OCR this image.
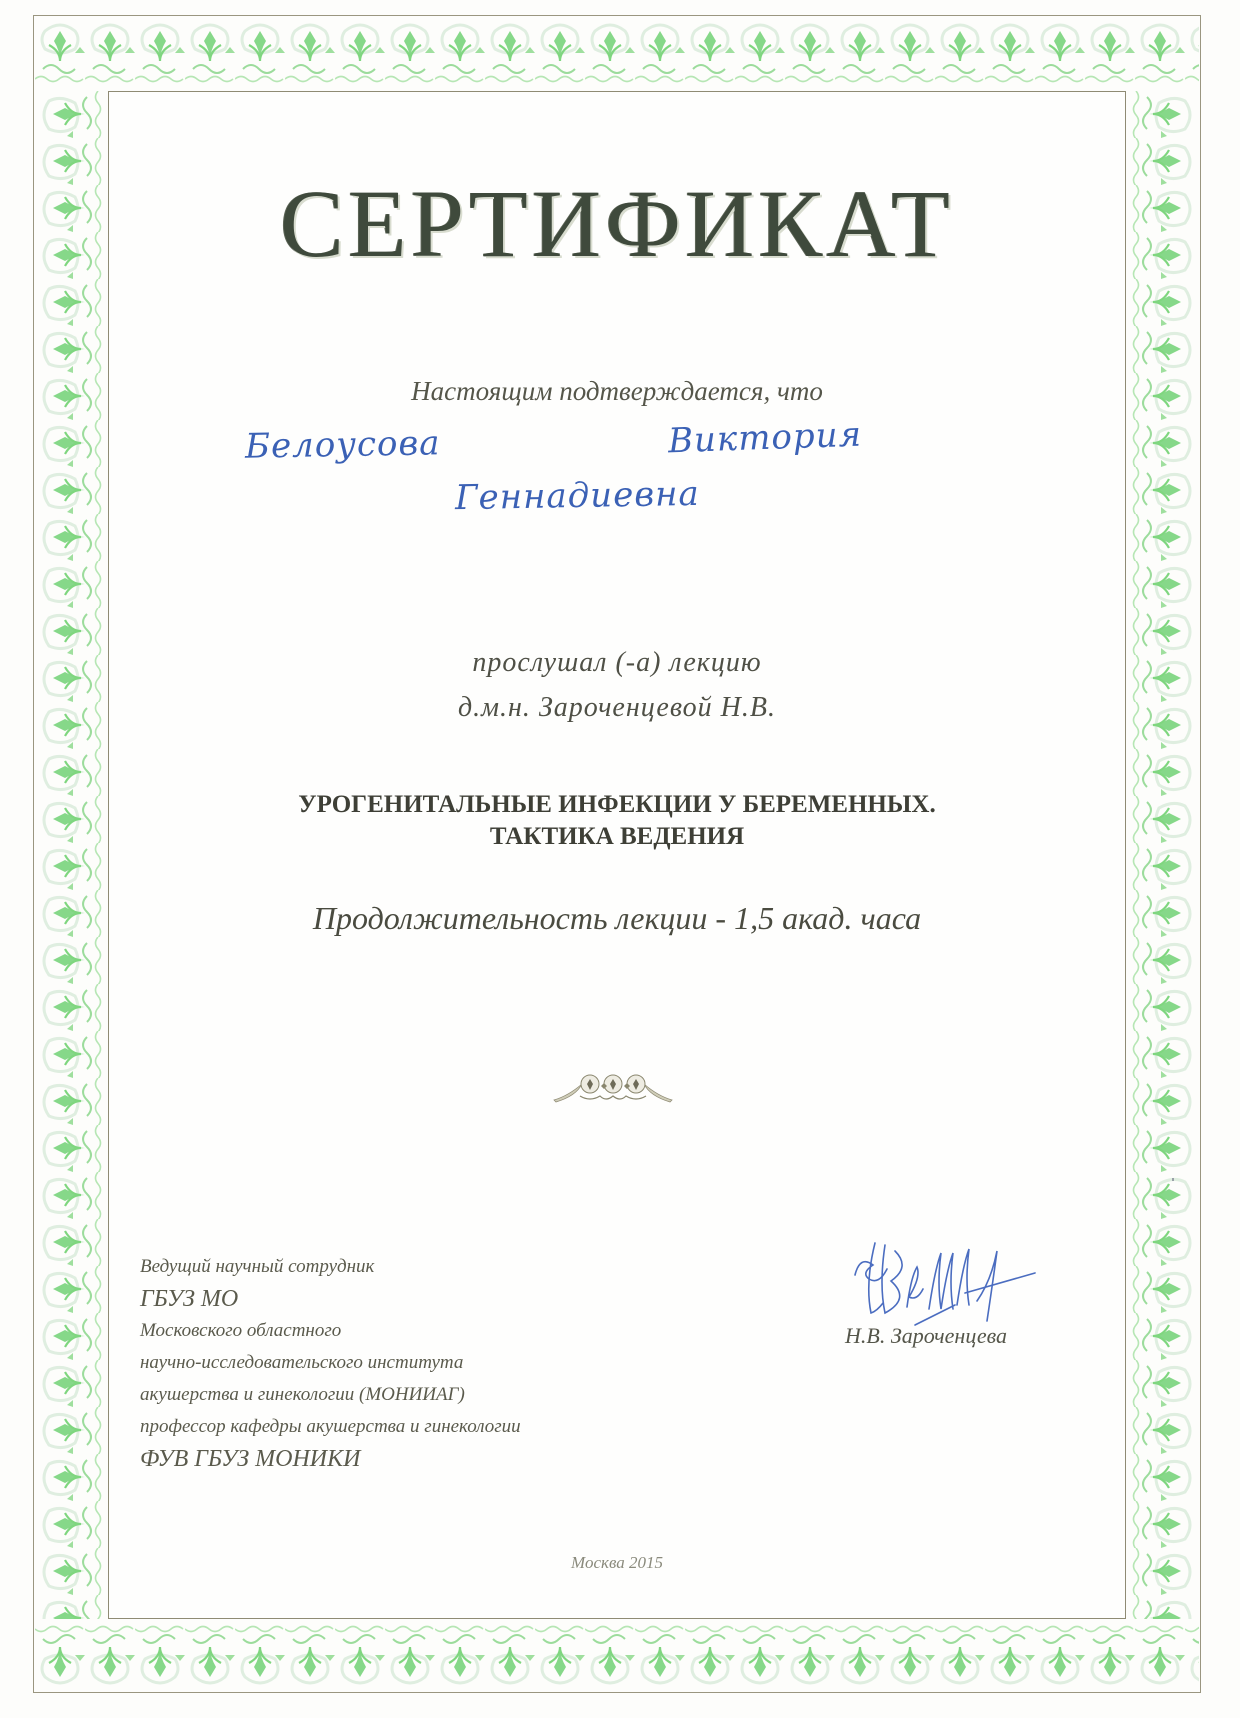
СЕРТИФИКАТ
Настоящим подтверждается, что
Белоусова	Виктория
Геннадиевна
прослушал (-а) лекцию
д.м.н. Зароченцевой Н.В.
УРОГЕНИТАЛЬНЫЕ ИНФЕКЦИИ У БЕРЕМЕННЫХ.
ТАКТИКА ВЕДЕНИЯ
Продолжительность лекции - 1,5 акад. часа
Ведущий научный сотрудник
ГБУЗ МО
Московского областного
научно-исследовательского института
акушерства и гинекологии (МОНИИАГ)
профессор кафедры акушерства и гинекологии
ФУВ ГБУЗ МОНИКИ
Н.В. Зароченцева
Москва 2015
